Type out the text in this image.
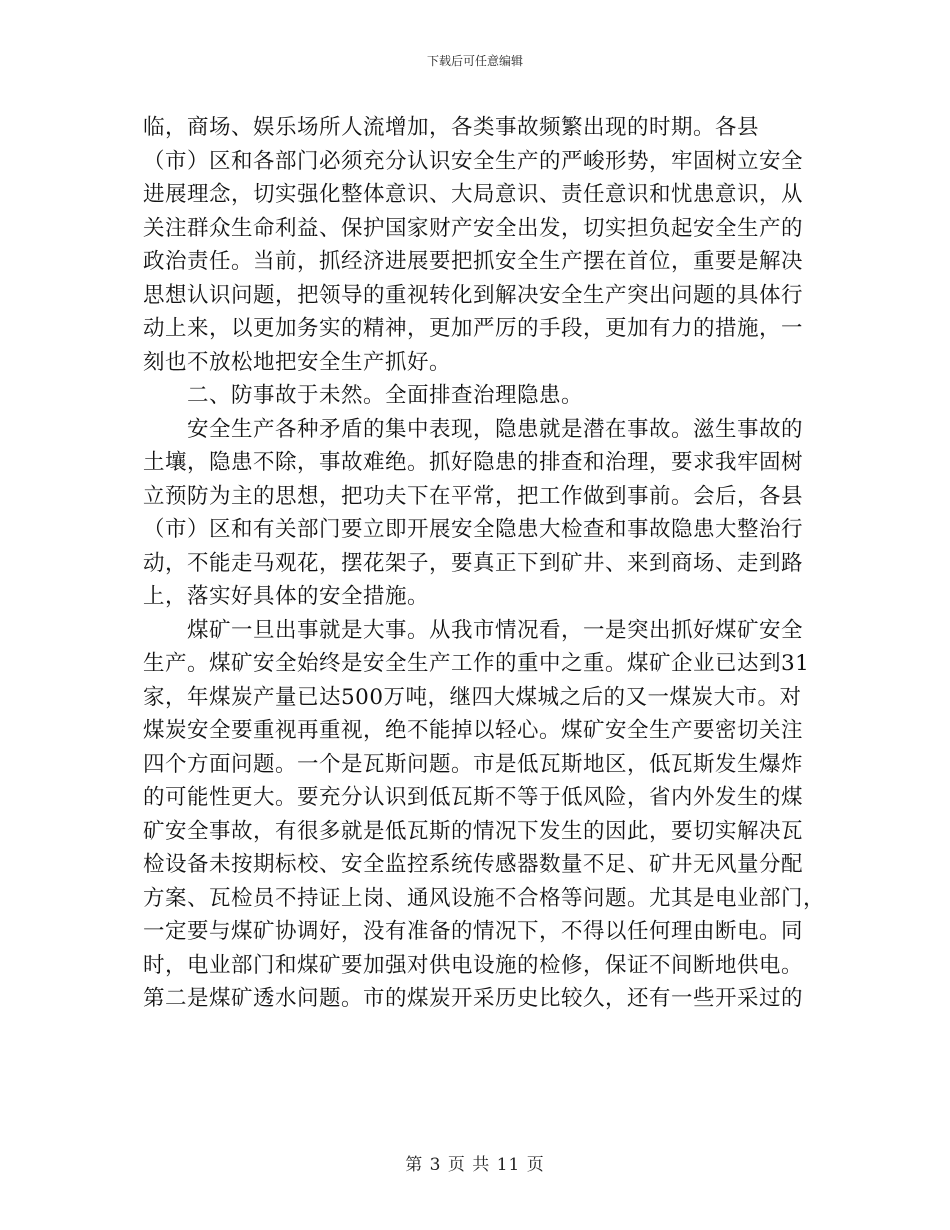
下载后可任意编辑
临，商场、娱乐场所人流增加，各类事故频繁出现的时期。各县
（市）区和各部门必须充分认识安全生产的严峻形势，牢固树立安全
进展理念，切实强化整体意识、大局意识、责任意识和忧患意识，从
关注群众生命利益、保护国家财产安全出发，切实担负起安全生产的
政治责任。当前，抓经济进展要把抓安全生产摆在首位，重要是解决
思想认识问题，把领导的重视转化到解决安全生产突出问题的具体行
动上来，以更加务实的精神，更加严厉的手段，更加有力的措施，一
刻也不放松地把安全生产抓好。
　　二、防事故于未然。全面排查治理隐患。
　　安全生产各种矛盾的集中表现，隐患就是潜在事故。滋生事故的
土壤，隐患不除，事故难绝。抓好隐患的排查和治理，要求我牢固树
立预防为主的思想，把功夫下在平常，把工作做到事前。会后，各县
（市）区和有关部门要立即开展安全隐患大检查和事故隐患大整治行
动，不能走马观花，摆花架子，要真正下到矿井、来到商场、走到路
上，落实好具体的安全措施。
　　煤矿一旦出事就是大事。从我市情况看，一是突出抓好煤矿安全
生产。煤矿安全始终是安全生产工作的重中之重。煤矿企业已达到31
家，年煤炭产量已达500万吨，继四大煤城之后的又一煤炭大市。对
煤炭安全要重视再重视，绝不能掉以轻心。煤矿安全生产要密切关注
四个方面问题。一个是瓦斯问题。市是低瓦斯地区，低瓦斯发生爆炸
的可能性更大。要充分认识到低瓦斯不等于低风险，省内外发生的煤
矿安全事故，有很多就是低瓦斯的情况下发生的因此，要切实解决瓦
检设备未按期标校、安全监控系统传感器数量不足、矿井无风量分配
方案、瓦检员不持证上岗、通风设施不合格等问题。尤其是电业部门，
一定要与煤矿协调好，没有准备的情况下，不得以任何理由断电。同
时，电业部门和煤矿要加强对供电设施的检修，保证不间断地供电。
第二是煤矿透水问题。市的煤炭开采历史比较久，还有一些开采过的
第 3 页 共 11 页
